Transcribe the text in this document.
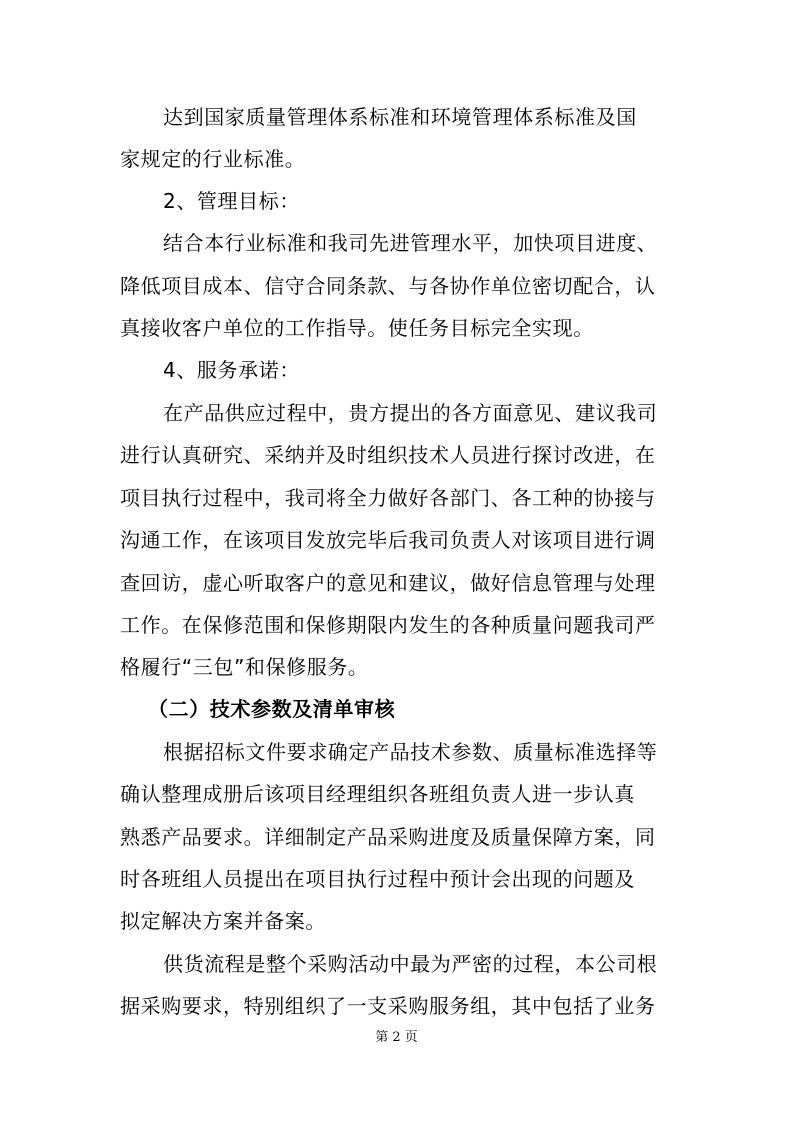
达到国家质量管理体系标准和环境管理体系标准及国
家规定的行业标准。
2、管理目标：
结合本行业标准和我司先进管理水平，加快项目进度、
降低项目成本、信守合同条款、与各协作单位密切配合，认
真接收客户单位的工作指导。使任务目标完全实现。
4、服务承诺：
在产品供应过程中，贵方提出的各方面意见、建议我司
进行认真研究、采纳并及时组织技术人员进行探讨改进，在
项目执行过程中，我司将全力做好各部门、各工种的协接与
沟通工作，在该项目发放完毕后我司负责人对该项目进行调
查回访，虚心听取客户的意见和建议，做好信息管理与处理
工作。在保修范围和保修期限内发生的各种质量问题我司严
格履行“三包”和保修服务。
（二）技术参数及清单审核
根据招标文件要求确定产品技术参数、质量标准选择等
确认整理成册后该项目经理组织各班组负责人进一步认真
熟悉产品要求。详细制定产品采购进度及质量保障方案，同
时各班组人员提出在项目执行过程中预计会出现的问题及
拟定解决方案并备案。
供货流程是整个采购活动中最为严密的过程，本公司根
据采购要求，特别组织了一支采购服务组，其中包括了业务
第 2 页
